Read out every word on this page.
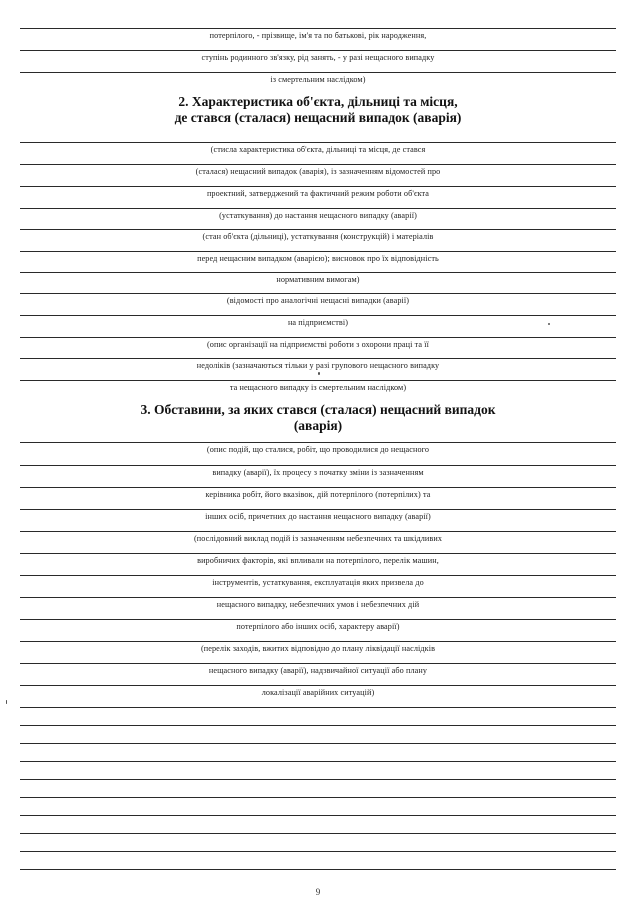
потерпілого, - прізвище, ім'я та по батькові, рік народження,
ступінь родинного зв'язку, рід занять, - у разі нещасного випадку
із смертельним наслідком)
2. Характеристика об'єкта, дільниці та місця,
де стався (сталася) нещасний випадок (аварія)
(стисла характеристика об'єкта, дільниці та місця, де стався
(сталася) нещасний випадок (аварія), із зазначенням відомостей про
проектний, затверджений та фактичний режим роботи об'єкта
(устаткування) до настання нещасного випадку (аварії)
(стан об'єкта (дільниці), устаткування (конструкцій) і матеріалів
перед нещасним випадком (аварією); висновок про їх відповідність
нормативним вимогам)
(відомості про аналогічні нещасні випадки (аварії)
на підприємстві)
(опис організації на підприємстві роботи з охорони праці та її
недоліків (зазначаються тільки у разі групового нещасного випадку
та нещасного випадку із смертельним наслідком)
3. Обставини, за яких стався (сталася) нещасний випадок
(аварія)
(опис подій, що сталися, робіт, що проводилися до нещасного
випадку (аварії), їх процесу з початку зміни із зазначенням
керівника робіт, його вказівок, дій потерпілого (потерпілих) та
інших осіб, причетних до настання нещасного випадку (аварії)
(послідовний виклад подій із зазначенням небезпечних та шкідливих
виробничих факторів, які впливали на потерпілого, перелік машин,
інструментів, устаткування, експлуатація яких призвела до
нещасного випадку, небезпечних умов і небезпечних дій
потерпілого або інших осіб, характеру аварії)
(перелік заходів, вжитих відповідно до плану ліквідації наслідків
нещасного випадку (аварії), надзвичайної ситуації або плану
локалізації аварійних ситуацій)
9
